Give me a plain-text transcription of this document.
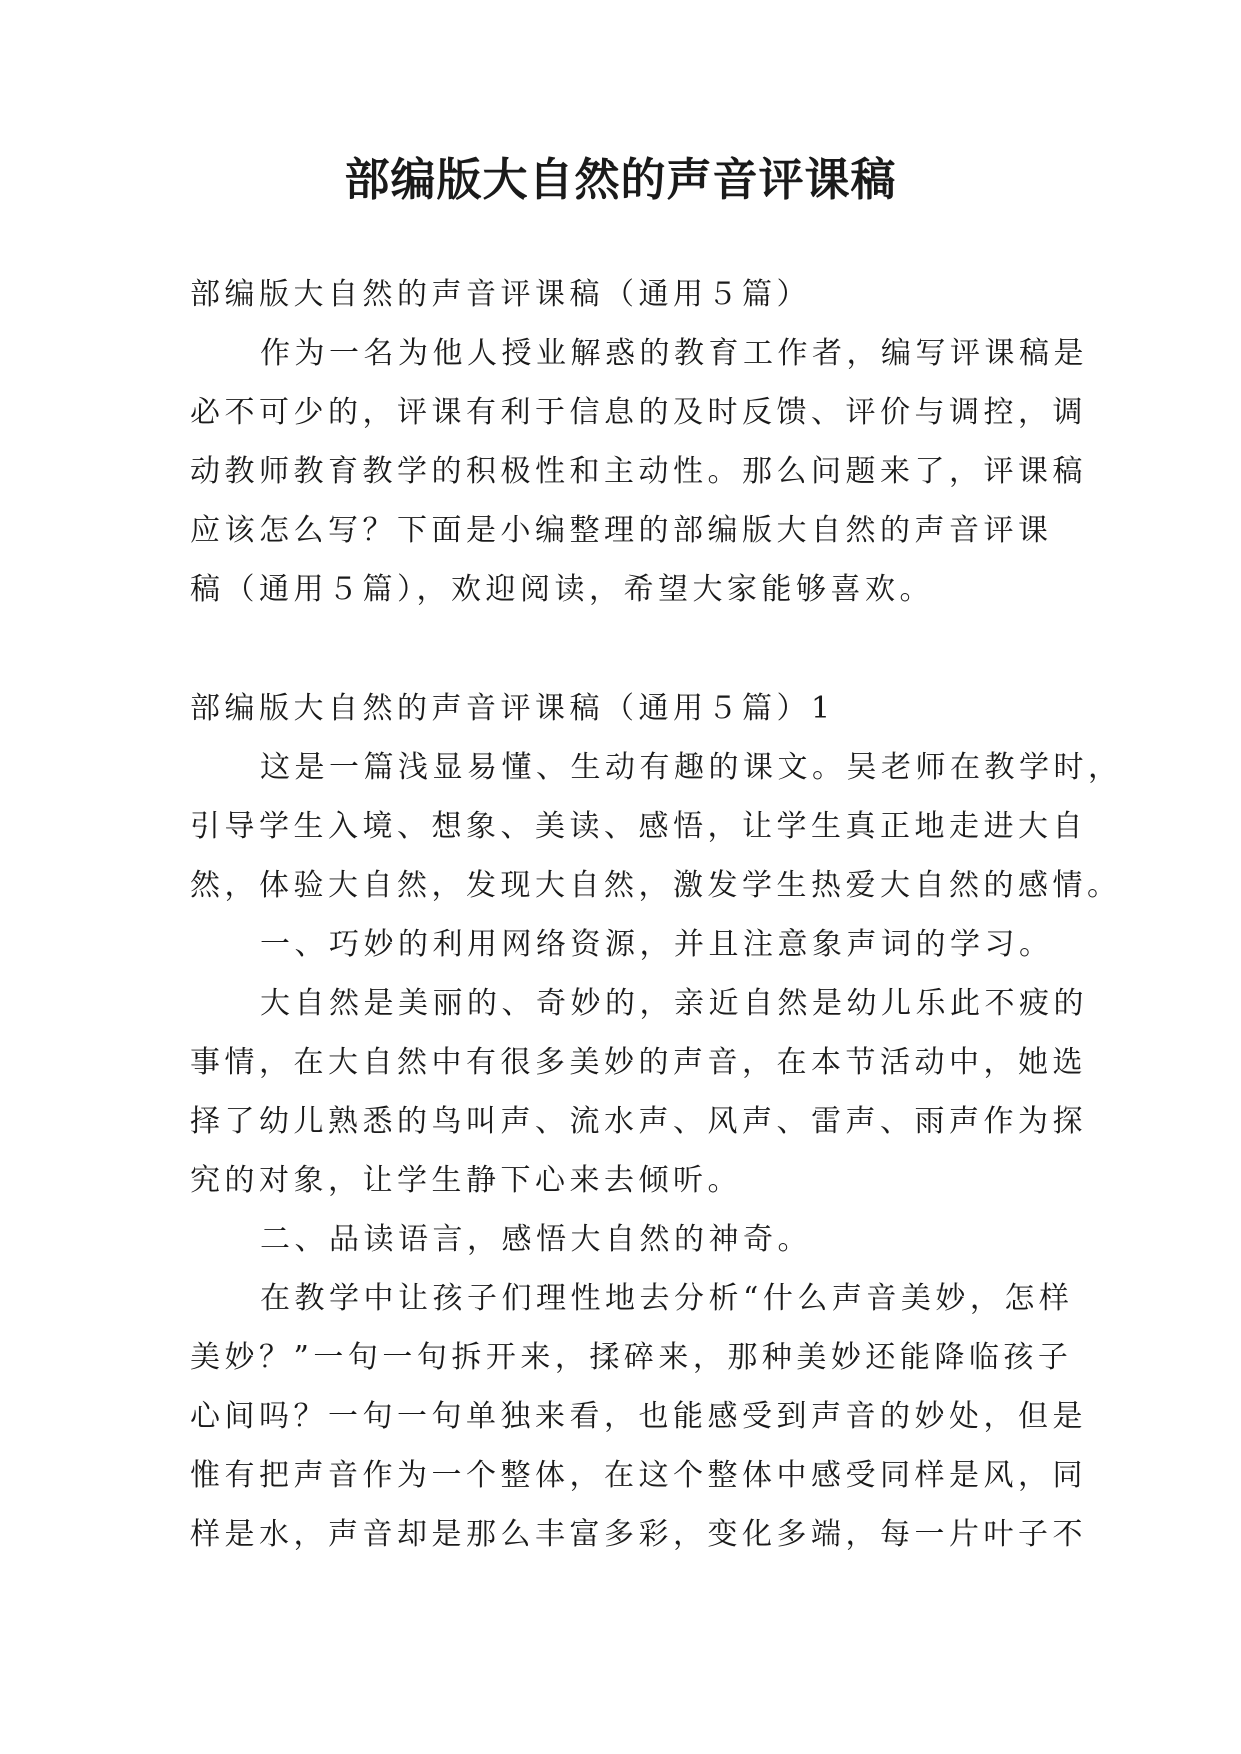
部编版大自然的声音评课稿
部编版大自然的声音评课稿（通用５篇）
作为一名为他人授业解惑的教育工作者，编写评课稿是
必不可少的，评课有利于信息的及时反馈、评价与调控，调
动教师教育教学的积极性和主动性。那么问题来了，评课稿
应该怎么写？下面是小编整理的部编版大自然的声音评课
稿（通用５篇），欢迎阅读，希望大家能够喜欢。
部编版大自然的声音评课稿（通用５篇）1
这是一篇浅显易懂、生动有趣的课文。吴老师在教学时，
引导学生入境、想象、美读、感悟，让学生真正地走进大自
然，体验大自然，发现大自然，激发学生热爱大自然的感情。
一、巧妙的利用网络资源，并且注意象声词的学习。
大自然是美丽的、奇妙的，亲近自然是幼儿乐此不疲的
事情，在大自然中有很多美妙的声音，在本节活动中，她选
择了幼儿熟悉的鸟叫声、流水声、风声、雷声、雨声作为探
究的对象，让学生静下心来去倾听。
二、品读语言，感悟大自然的神奇。
在教学中让孩子们理性地去分析“什么声音美妙，怎样
美妙？”一句一句拆开来，揉碎来，那种美妙还能降临孩子
心间吗？一句一句单独来看，也能感受到声音的妙处，但是
惟有把声音作为一个整体，在这个整体中感受同样是风，同
样是水，声音却是那么丰富多彩，变化多端，每一片叶子不
